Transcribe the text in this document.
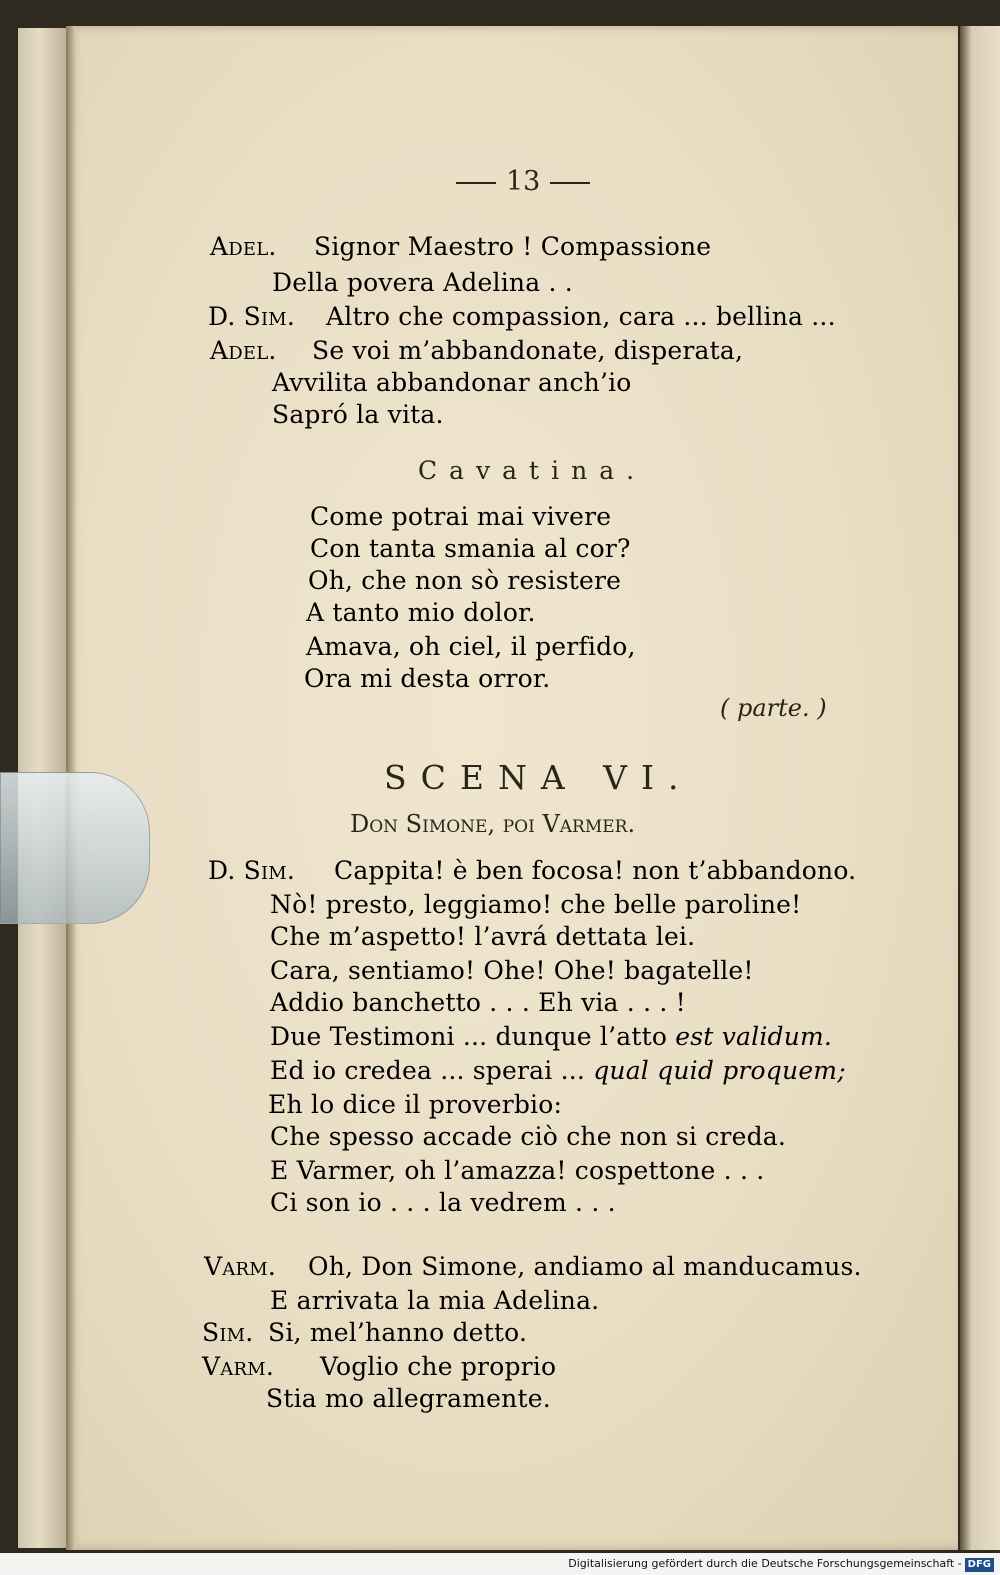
13
Adel. Signor Maestro ! Compassione
Della povera Adelina . .
D. Sim. Altro che compassion, cara ... bellina ...
Adel. Se voi m’abbandonate, disperata,
Avvilita abbandonar anch’io
Sapró la vita.
Cavatina.
Come potrai mai vivere
Con tanta smania al cor?
Oh, che non sò resistere
A tanto mio dolor.
Amava, oh ciel, il perfido,
Ora mi desta orror.
( parte. )
SCENA VI.
Don Simone, poi Varmer.
D. Sim. Cappita! è ben focosa! non t’abbandono.
Nò! presto, leggiamo! che belle paroline!
Che m’aspetto! l’avrá dettata lei.
Cara, sentiamo! Ohe! Ohe! bagatelle!
Addio banchetto . . . Eh via . . . !
Due Testimoni ... dunque l’atto est validum.
Ed io credea ... sperai ... qual quid proquem;
Eh lo dice il proverbio:
Che spesso accade ciò che non si creda.
E Varmer, oh l’amazza! cospettone . . .
Ci son io . . . la vedrem . . .
Varm. Oh, Don Simone, andiamo al manducamus.
E arrivata la mia Adelina.
Sim. Si, mel’hanno detto.
Varm. Voglio che proprio
Stia mo allegramente.
Digitalisierung gefördert durch die Deutsche Forschungsgemeinschaft - DFG
